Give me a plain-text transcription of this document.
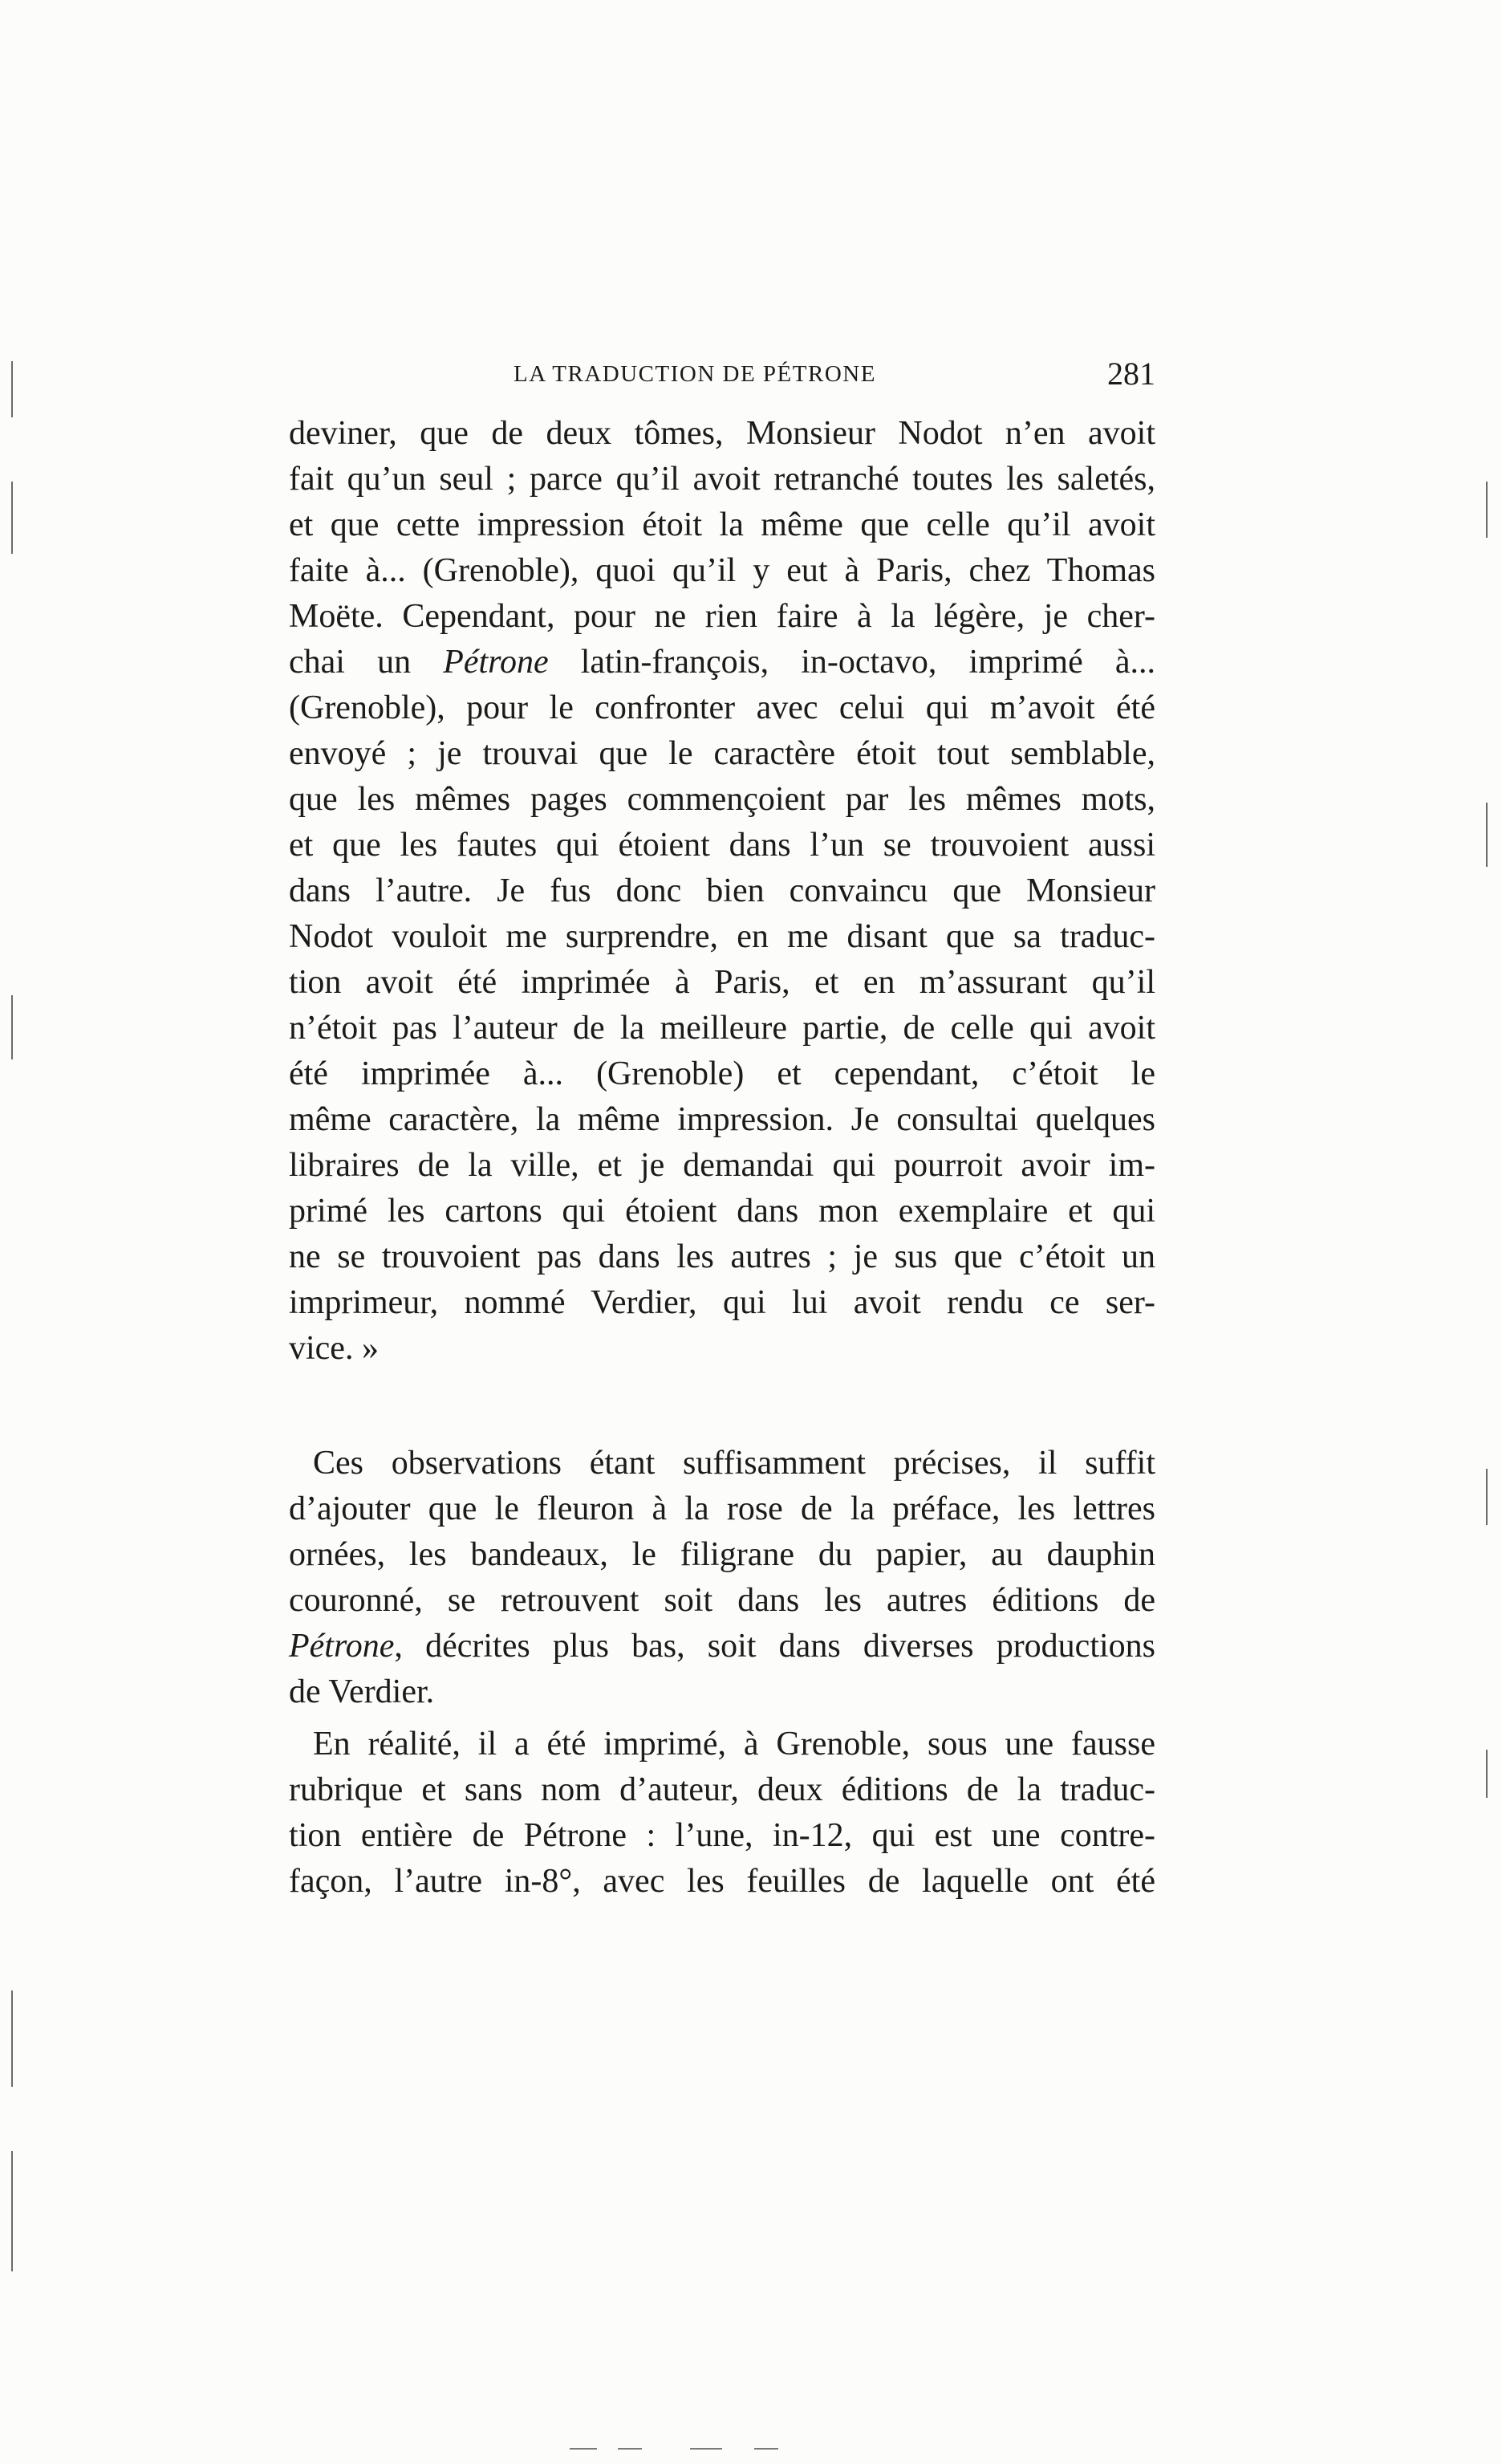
LA TRADUCTION DE PÉTRONE	281
deviner, que de deux tômes, Monsieur Nodot n’en avoit
fait qu’un seul ; parce qu’il avoit retranché toutes les saletés,
et que cette impression étoit la même que celle qu’il avoit
faite à... (Grenoble), quoi qu’il y eut à Paris, chez Thomas
Moëte. Cependant, pour ne rien faire à la légère, je cher-
chai un Pétrone latin-françois, in-octavo, imprimé à...
(Grenoble), pour le confronter avec celui qui m’avoit été
envoyé ; je trouvai que le caractère étoit tout semblable,
que les mêmes pages commençoient par les mêmes mots,
et que les fautes qui étoient dans l’un se trouvoient aussi
dans l’autre. Je fus donc bien convaincu que Monsieur
Nodot vouloit me surprendre, en me disant que sa traduc-
tion avoit été imprimée à Paris, et en m’assurant qu’il
n’étoit pas l’auteur de la meilleure partie, de celle qui avoit
été imprimée à... (Grenoble) et cependant, c’étoit le
même caractère, la même impression. Je consultai quelques
libraires de la ville, et je demandai qui pourroit avoir im-
primé les cartons qui étoient dans mon exemplaire et qui
ne se trouvoient pas dans les autres ; je sus que c’étoit un
imprimeur, nommé Verdier, qui lui avoit rendu ce ser-
vice. »
Ces observations étant suffisamment précises, il suffit
d’ajouter que le fleuron à la rose de la préface, les lettres
ornées, les bandeaux, le filigrane du papier, au dauphin
couronné, se retrouvent soit dans les autres éditions de
Pétrone, décrites plus bas, soit dans diverses productions
de Verdier.
En réalité, il a été imprimé, à Grenoble, sous une fausse
rubrique et sans nom d’auteur, deux éditions de la traduc-
tion entière de Pétrone : l’une, in-12, qui est une contre-
façon, l’autre in-8°, avec les feuilles de laquelle ont été
